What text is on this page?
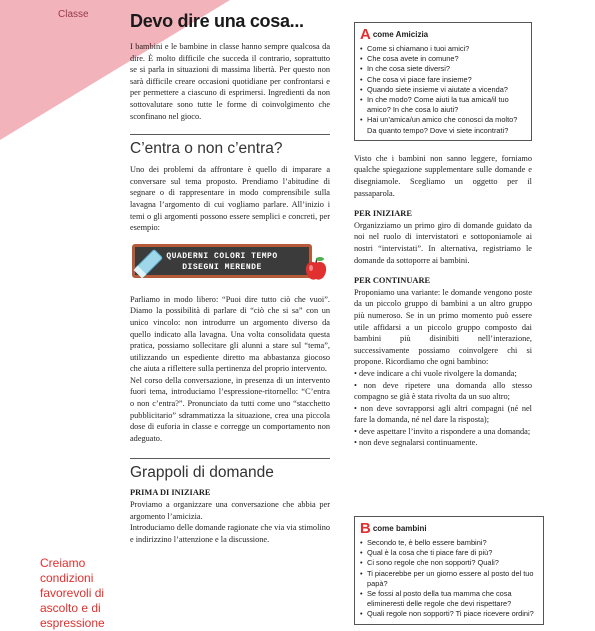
Classe
Creiamo
condizioni
favorevoli di
ascolto e di
espressione
Devo dire una cosa...

I bambini e le bambine in classe hanno sempre qualcosa da dire. È molto difficile che succeda il contrario, soprattutto se si parla in situazioni di massima libertà. Per questo non sarà difficile creare occasioni quotidiane per confrontarsi e per permettere a ciascuno di esprimersi. Ingredienti da non sottovalutare sono tutte le forme di coinvolgimento che sconfinano nel gioco.

C’entra o non c’entra?

Uno dei problemi da affrontare è quello di imparare a conversare sul tema proposto. Prendiamo l’abitudine di segnare o di rappresentare in modo comprensibile sulla lavagna l’argomento di cui vogliamo parlare. All’inizio i temi o gli argomenti possono essere semplici e concreti, per esempio:

QUADERNI COLORI TEMPO
DISEGNI MERENDE

Parliamo in modo libero: “Puoi dire tutto ciò che vuoi”. Diamo la possibilità di parlare di “ciò che si sa” con un unico vincolo: non introdurre un argomento diverso da quello indicato alla lavagna. Una volta consolidata questa pratica, possiamo sollecitare gli alunni a stare sul “tema”, utilizzando un espediente diretto ma abbastanza giocoso che aiuta a riflettere sulla pertinenza del proprio intervento.

Nel corso della conversazione, in presenza di un intervento fuori tema, introduciamo l’espressione-ritornello: “C’entra o non c’entra?”. Pronunciato da tutti come uno “stacchetto pubblicitario” sdrammatizza la situazione, crea una piccola dose di euforia in classe e corregge un comportamento non adeguato.

Grappoli di domande
PRIMA DI INIZIARE

Proviamo a organizzare una conversazione che abbia per argomento l’amicizia.

Introduciamo delle domande ragionate che via via stimolino e indirizzino l’attenzione e la discussione.

A come Amicizia
• Come si chiamano i tuoi amici?
• Che cosa avete in comune?
• In che cosa siete diversi?
• Che cosa vi piace fare insieme?
• Quando siete insieme vi aiutate a vicenda?
• In che modo? Come aiuti la tua amica/il tuo amico? In che cosa lo aiuti?
• Hai un’amica/un amico che conosci da molto? Da quanto tempo? Dove vi siete incontrati?

Visto che i bambini non sanno leggere, forniamo qualche spiegazione supplementare sulle domande e disegniamole. Scegliamo un oggetto per il passaparola.

PER INIZIARE

Organizziamo un primo giro di domande guidato da noi nel ruolo di intervistatori e sottoponiamole ai nostri “intervistati”. In alternativa, registriamo le domande da sottoporre ai bambini.

PER CONTINUARE

Proponiamo una variante: le domande vengono poste da un piccolo gruppo di bambini a un altro gruppo più numeroso. Se in un primo momento può essere utile affidarsi a un piccolo gruppo composto dai bambini più disinibiti nell’interazione, successivamente possiamo coinvolgere chi si propone. Ricordiamo che ogni bambino:

• deve indicare a chi vuole rivolgere la domanda;

• non deve ripetere una domanda allo stesso compagno se già è stata rivolta da un suo altro;

• non deve sovrapporsi agli altri compagni (né nel fare la domanda, né nel dare la risposta);

• deve aspettare l’invito a rispondere a una domanda;

• non deve segnalarsi continuamente.

B come bambini
• Secondo te, è bello essere bambini?
• Qual è la cosa che ti piace fare di più?
• Ci sono regole che non sopporti? Quali?
• Ti piacerebbe per un giorno essere al posto del tuo papà?
• Se fossi al posto della tua mamma che cosa elimineresti delle regole che devi rispettare?
• Quali regole non sopporti? Ti piace ricevere ordini?
